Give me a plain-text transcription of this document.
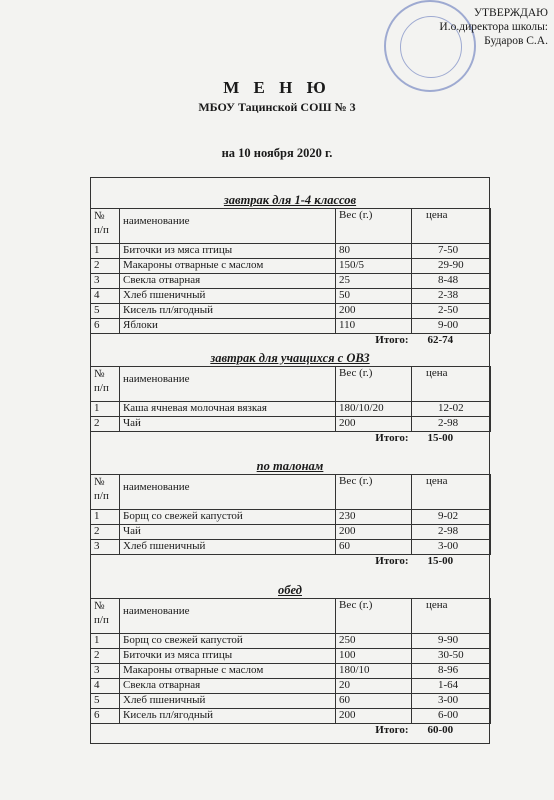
УТВЕРЖДАЮ
И.о.директора школы:
Бударов С.А.
М Е Н Ю
МБОУ Тацинской СОШ № 3
на 10 ноября 2020 г.
завтрак для 1-4 классов
№
п/п	наименование	Вес (г.)	цена
1	Биточки из мяса птицы	80	7-50
2	Макароны отварные с маслом	150/5	29-90
3	Свекла отварная	25	8-48
4	Хлеб пшеничный	50	2-38
5	Кисель пл/ягодный	200	2-50
6	Яблоки	110	9-00
Итого:			62-74
завтрак для учащихся с ОВЗ
№
п/п	наименование	Вес (г.)	цена
1	Каша ячневая молочная вязкая	180/10/20	12-02
2	Чай	200	2-98
Итого:			15-00
по талонам
№
п/п	наименование	Вес (г.)	цена
1	Борщ со свежей капустой	230	9-02
2	Чай	200	2-98
3	Хлеб пшеничный	60	3-00
Итого:			15-00
обед
№
п/п	наименование	Вес (г.)	цена
1	Борщ со свежей капустой	250	9-90
2	Биточки из мяса птицы	100	30-50
3	Макароны отварные с маслом	180/10	8-96
4	Свекла отварная	20	1-64
5	Хлеб пшеничный	60	3-00
6	Кисель пл/ягодный	200	6-00
Итого:			60-00
